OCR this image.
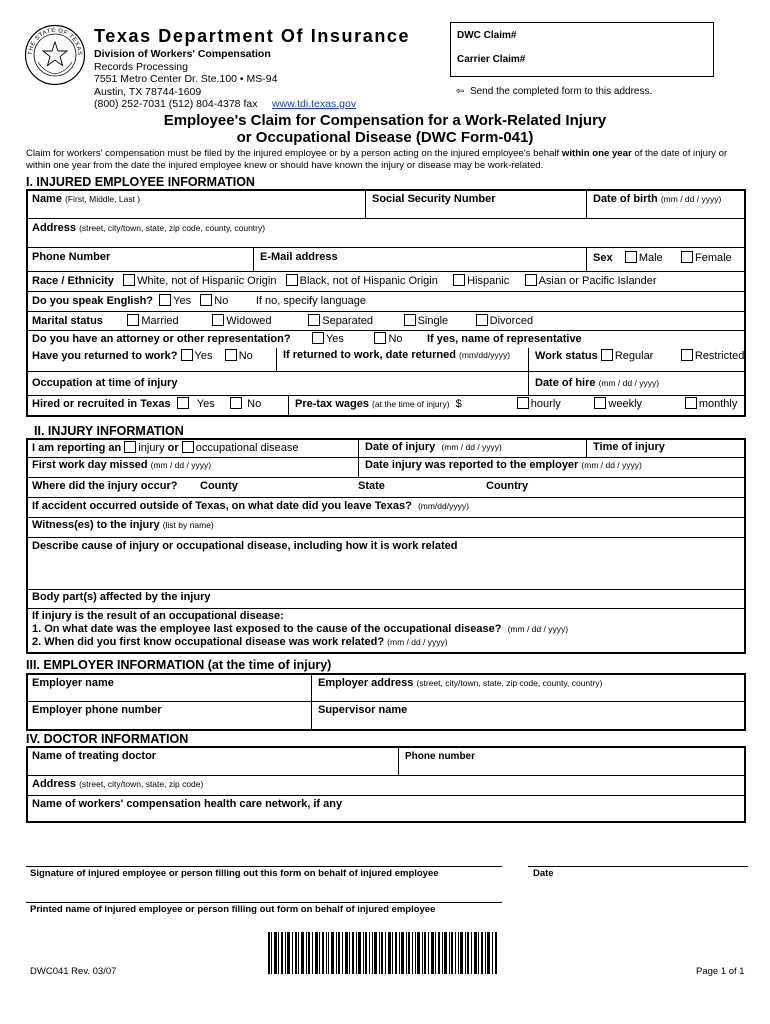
THE STATE OF TEXAS
Texas Department Of Insurance
Division of Workers' Compensation
Records Processing
7551 Metro Center Dr. Ste.100 • MS-94
Austin, TX 78744-1609
(800) 252-7031 (512) 804-4378 fax www.tdi.texas.gov
DWC Claim#
Carrier Claim#
⇦ Send the completed form to this address.
Employee's Claim for Compensation for a Work-Related Injury
or Occupational Disease (DWC Form-041)
Claim for workers' compensation must be filed by the injured employee or by a person acting on the injured employee's behalf within one year of the date of injury or within one year from the date the injured employee knew or should have known the injury or disease may be work-related.
I. INJURED EMPLOYEE INFORMATION
Name (First, Middle, Last )	Social Security Number	Date of birth (mm / dd / yyyy)
Address (street, city/town, state, zip code, county, country)
Phone Number	E-Mail address	Sex Male	Female
Race / Ethnicity White, not of Hispanic Origin Black, not of Hispanic Origin	Hispanic	Asian or Pacific Islander
Do you speak English? Yes No	If no, specify language
Marital status	Married	Widowed	Separated	Single	Divorced
Do you have an attorney or other representation?	Yes	No If yes, name of representative
Have you returned to work? Yes No	If returned to work, date returned (mm/dd/yyyy)	Work status Regular	Restricted
Occupation at time of injury	Date of hire (mm / dd / yyyy)
Hired or recruited in Texas Yes	No	Pre-tax wages (at the time of injury) $	hourly	weekly	monthly
II. INJURY INFORMATION
I am reporting an injury or occupational disease	Date of injury (mm / dd / yyyy)	Time of injury
First work day missed (mm / dd / yyyy)	Date injury was reported to the employer (mm / dd / yyyy)
Where did the injury occur?	County	State	Country
If accident occurred outside of Texas, on what date did you leave Texas? (mm/dd/yyyy)
Witness(es) to the injury (list by name)
Describe cause of injury or occupational disease, including how it is work related
Body part(s) affected by the injury
If injury is the result of an occupational disease:
1. On what date was the employee last exposed to the cause of the occupational disease? (mm / dd / yyyy)
2. When did you first know occupational disease was work related? (mm / dd / yyyy)
III. EMPLOYER INFORMATION (at the time of injury)
Employer name	Employer address (street, city/town, state, zip code, county, country)
Employer phone number	Supervisor name
IV. DOCTOR INFORMATION
Name of treating doctor	Phone number
Address (street, city/town, state, zip code)
Name of workers' compensation health care network, if any
Signature of injured employee or person filling out this form on behalf of injured employee	Date
Printed name of injured employee or person filling out form on behalf of injured employee
DWC041 Rev. 03/07	Page 1 of 1
